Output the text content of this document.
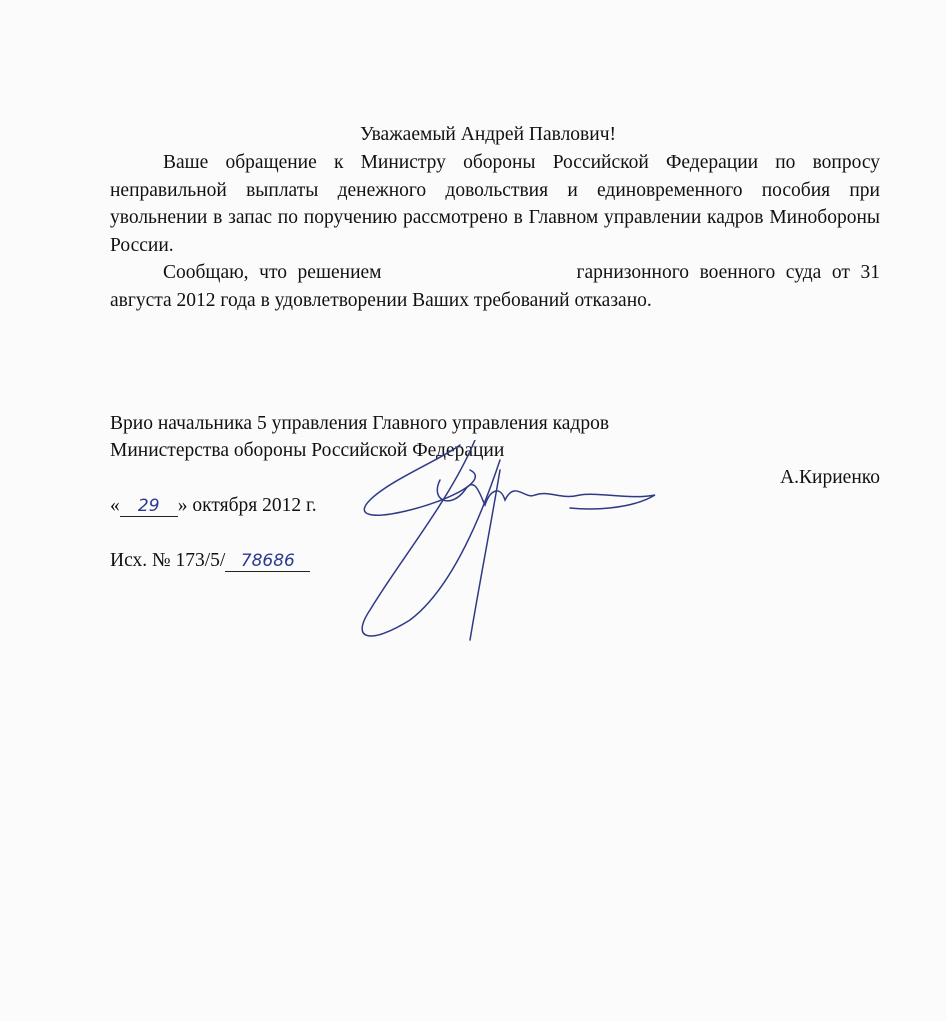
Уважаемый Андрей Павлович!
Ваше обращение к Министру обороны Российской Федерации по вопросу неправильной выплаты денежного довольствия и единовременного пособия при увольнении в запас по поручению рассмотрено в Главном управлении кадров Минобороны России.
Сообщаю, что решением	гарнизонного военного суда от 31 августа 2012 года в удовлетворении Ваших требований отказано.
Врио начальника 5 управления Главного управления кадров
Министерства обороны Российской Федерации
А.Кириенко
« 29 » октября 2012 г.
Исх. № 173/5/ 78686
